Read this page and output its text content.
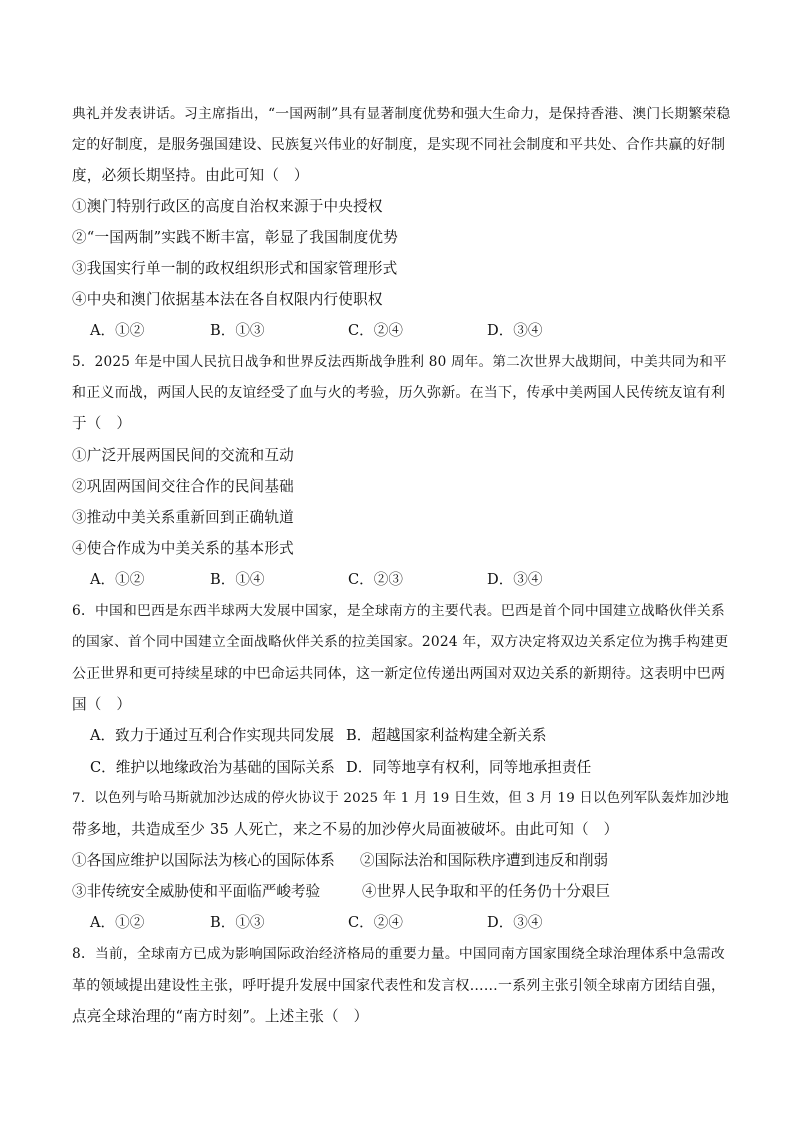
典礼并发表讲话。习主席指出，“一国两制”具有显著制度优势和强大生命力，是保持香港、澳门长期繁荣稳
定的好制度，是服务强国建设、民族复兴伟业的好制度，是实现不同社会制度和平共处、合作共赢的好制
度，必须长期坚持。由此可知（　）
①澳门特别行政区的高度自治权来源于中央授权
②“一国两制”实践不断丰富，彰显了我国制度优势
③我国实行单一制的政权组织形式和国家管理形式
④中央和澳门依据基本法在各自权限内行使职权
A．①②	B．①③	C．②④	D．③④
5．2025 年是中国人民抗日战争和世界反法西斯战争胜利 80 周年。第二次世界大战期间，中美共同为和平
和正义而战，两国人民的友谊经受了血与火的考验，历久弥新。在当下，传承中美两国人民传统友谊有利
于（　）
①广泛开展两国民间的交流和互动
②巩固两国间交往合作的民间基础
③推动中美关系重新回到正确轨道
④使合作成为中美关系的基本形式
A．①②	B．①④	C．②③	D．③④
6．中国和巴西是东西半球两大发展中国家，是全球南方的主要代表。巴西是首个同中国建立战略伙伴关系
的国家、首个同中国建立全面战略伙伴关系的拉美国家。2024 年，双方决定将双边关系定位为携手构建更
公正世界和更可持续星球的中巴命运共同体，这一新定位传递出两国对双边关系的新期待。这表明中巴两
国（　）
A．致力于通过互利合作实现共同发展 B．超越国家利益构建全新关系
C．维护以地缘政治为基础的国际关系 D．同等地享有权利，同等地承担责任
7．以色列与哈马斯就加沙达成的停火协议于 2025 年 1 月 19 日生效，但 3 月 19 日以色列军队轰炸加沙地
带多地，共造成至少 35 人死亡，来之不易的加沙停火局面被破坏。由此可知（　）
①各国应维护以国际法为核心的国际体系 ②国际法治和国际秩序遭到违反和削弱
③非传统安全威胁使和平面临严峻考验	④世界人民争取和平的任务仍十分艰巨
A．①②	B．①③	C．②④	D．③④
8．当前，全球南方已成为影响国际政治经济格局的重要力量。中国同南方国家围绕全球治理体系中急需改
革的领域提出建设性主张，呼吁提升发展中国家代表性和发言权……一系列主张引领全球南方团结自强，
点亮全球治理的“南方时刻”。上述主张（　）
